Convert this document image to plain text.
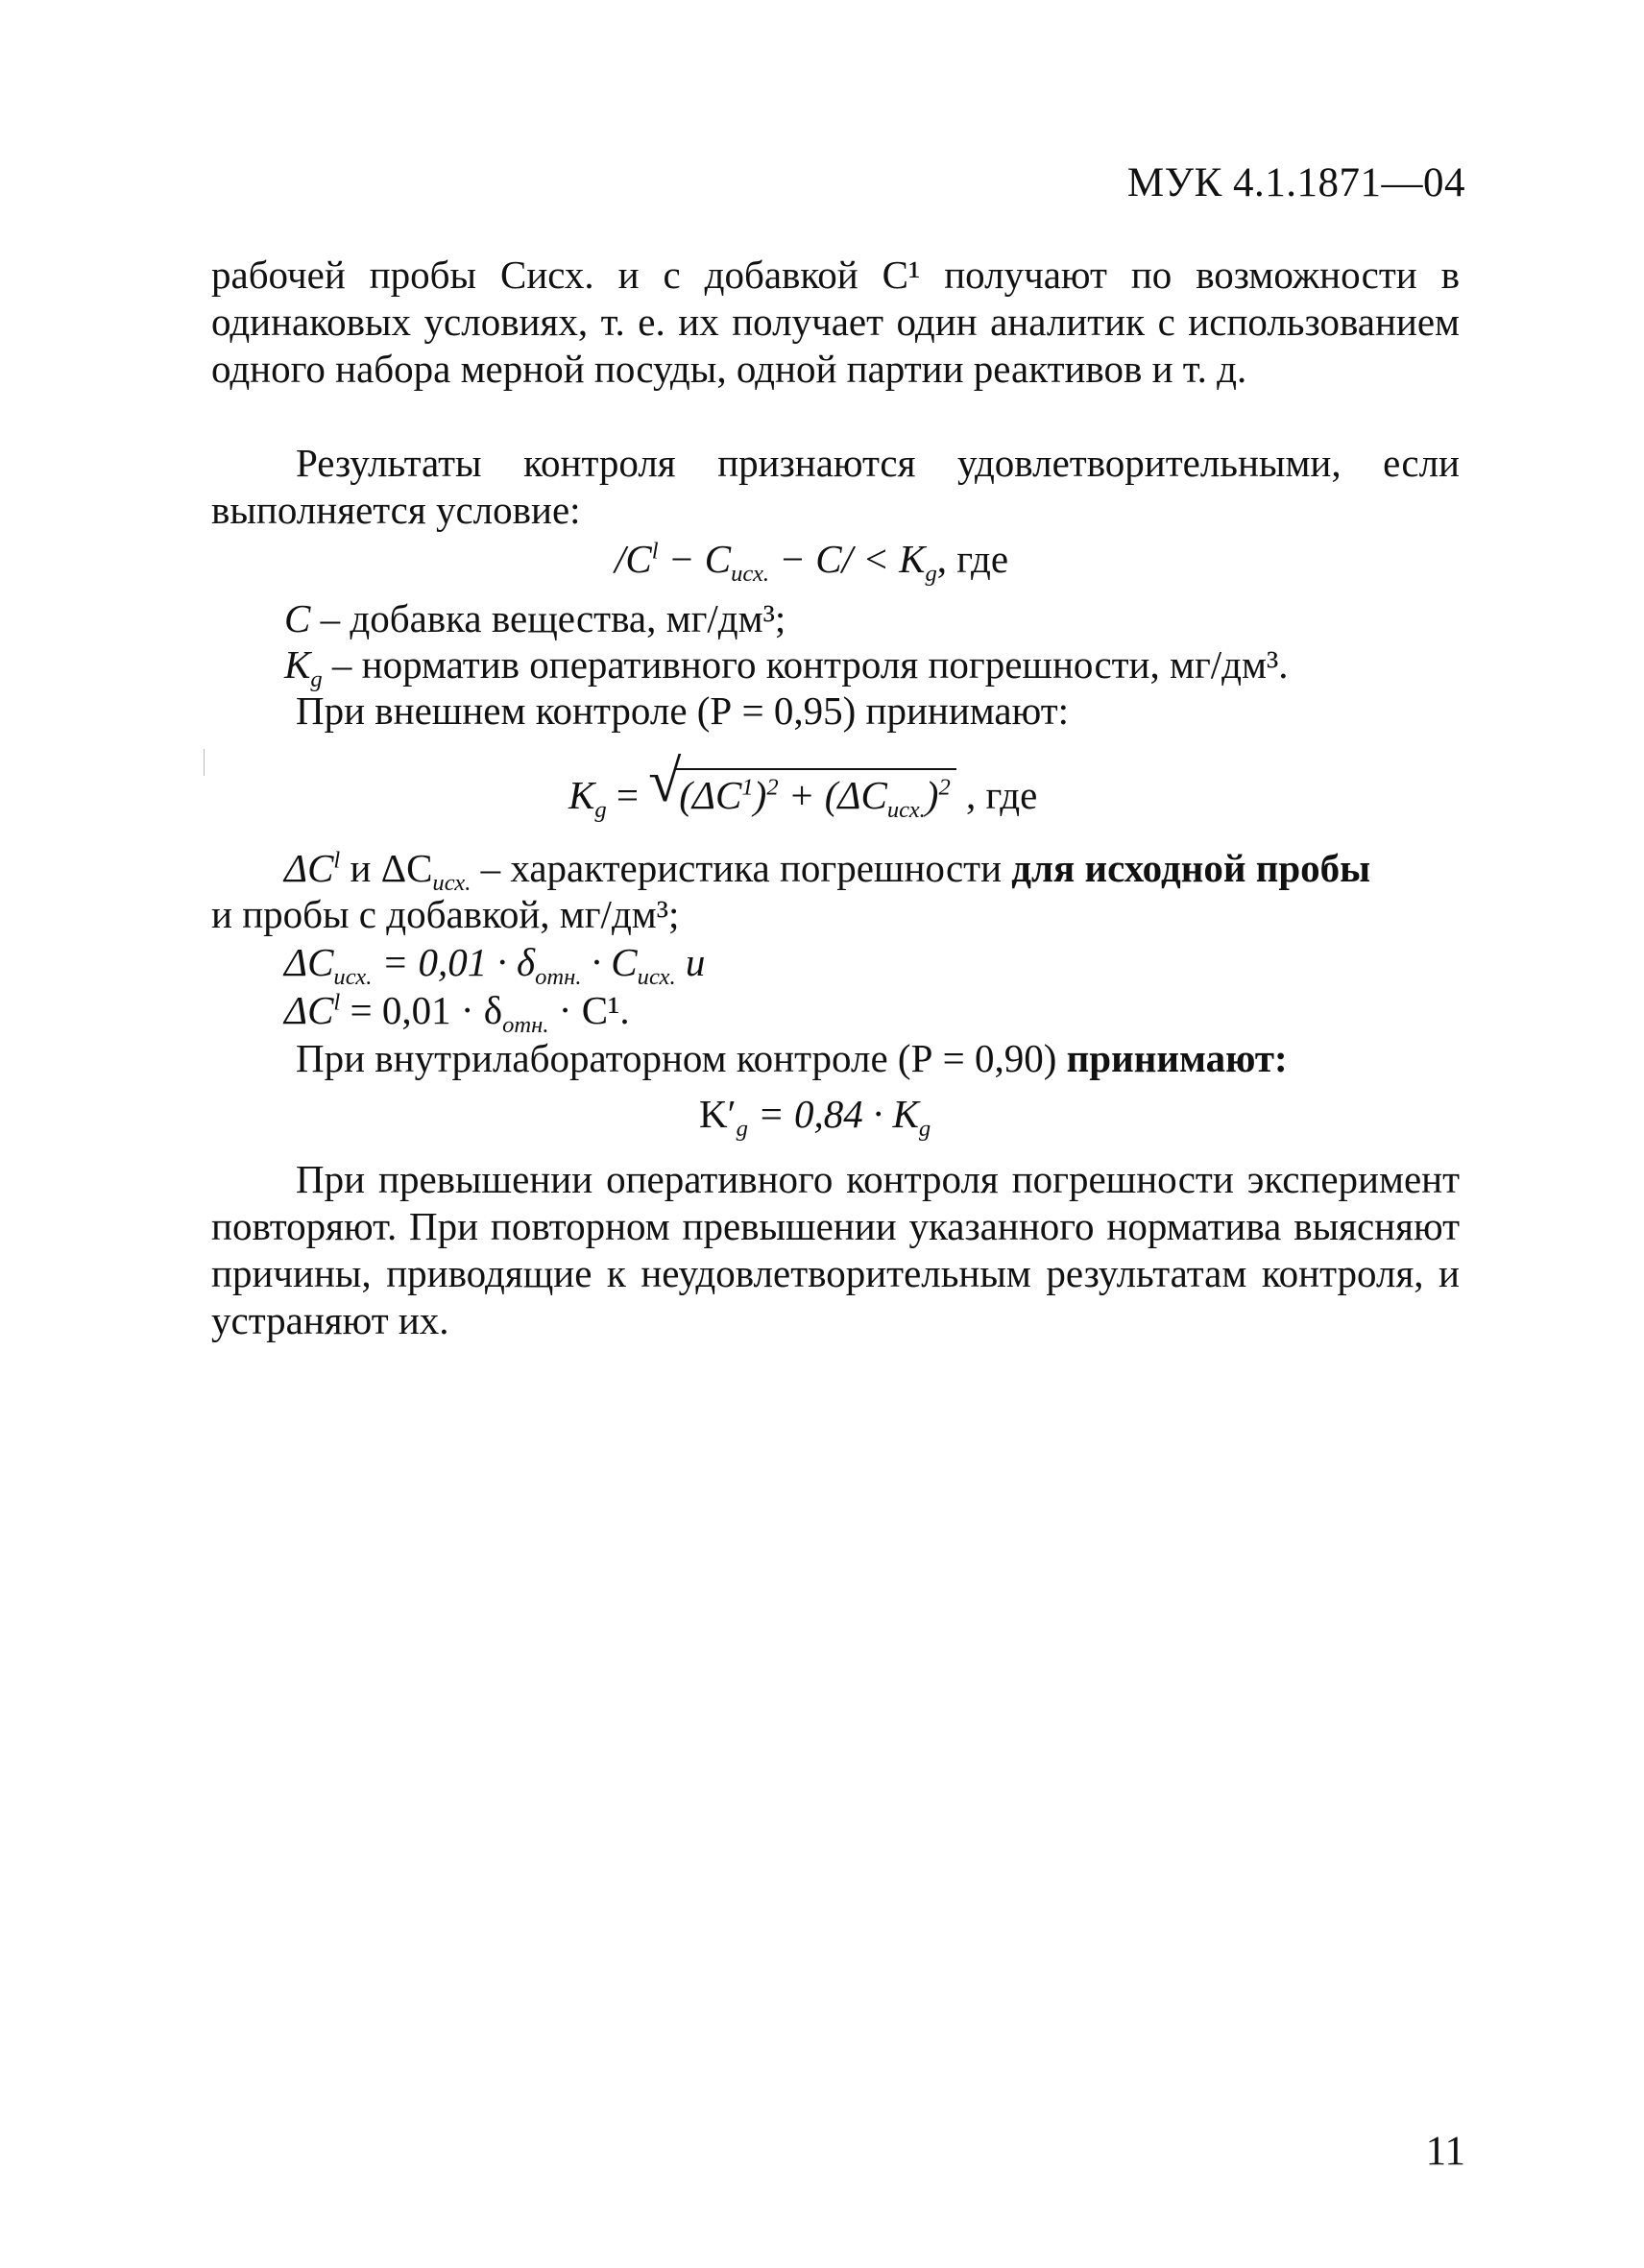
МУК 4.1.1871—04

рабочей пробы Сисх. и с добавкой С¹ получают по возможности в одинаковых условиях, т. е. их получает один аналитик с использованием одного набора мерной посуды, одной партии реактивов и т. д.

Результаты контроля признаются удовлетворительными, если выполняется условие:

$/C^l - C_{исх.} - C/ < K_g$, где
C – добавка вещества, мг/дм³;
$K_g$ – норматив оперативного контроля погрешности, мг/дм³.
При внешнем контроле (Р = 0,95) принимают:
$K_g$ = √
$(\Delta C^1)^2 + (\Delta C_{исх.})^2$ , где
$\Delta C^l$ и $\Delta C_{исх.}$ – характеристика погрешности для исходной пробы
и пробы с добавкой, мг/дм³;
$\Delta C_{исх.} = 0,01 \cdot \delta_{отн.} \cdot C_{исх.}$ и
$\Delta C^l = 0,01 \cdot \delta_{отн.} \cdot С^1$.
При внутрилабораторном контроле (Р = 0,90) принимают:
$K'_g = 0,84 \cdot K_g$

При превышении оперативного контроля погрешности эксперимент повторяют. При повторном превышении указанного норматива выясняют причины, приводящие к неудовлетворительным результатам контроля, и устраняют их.

11
